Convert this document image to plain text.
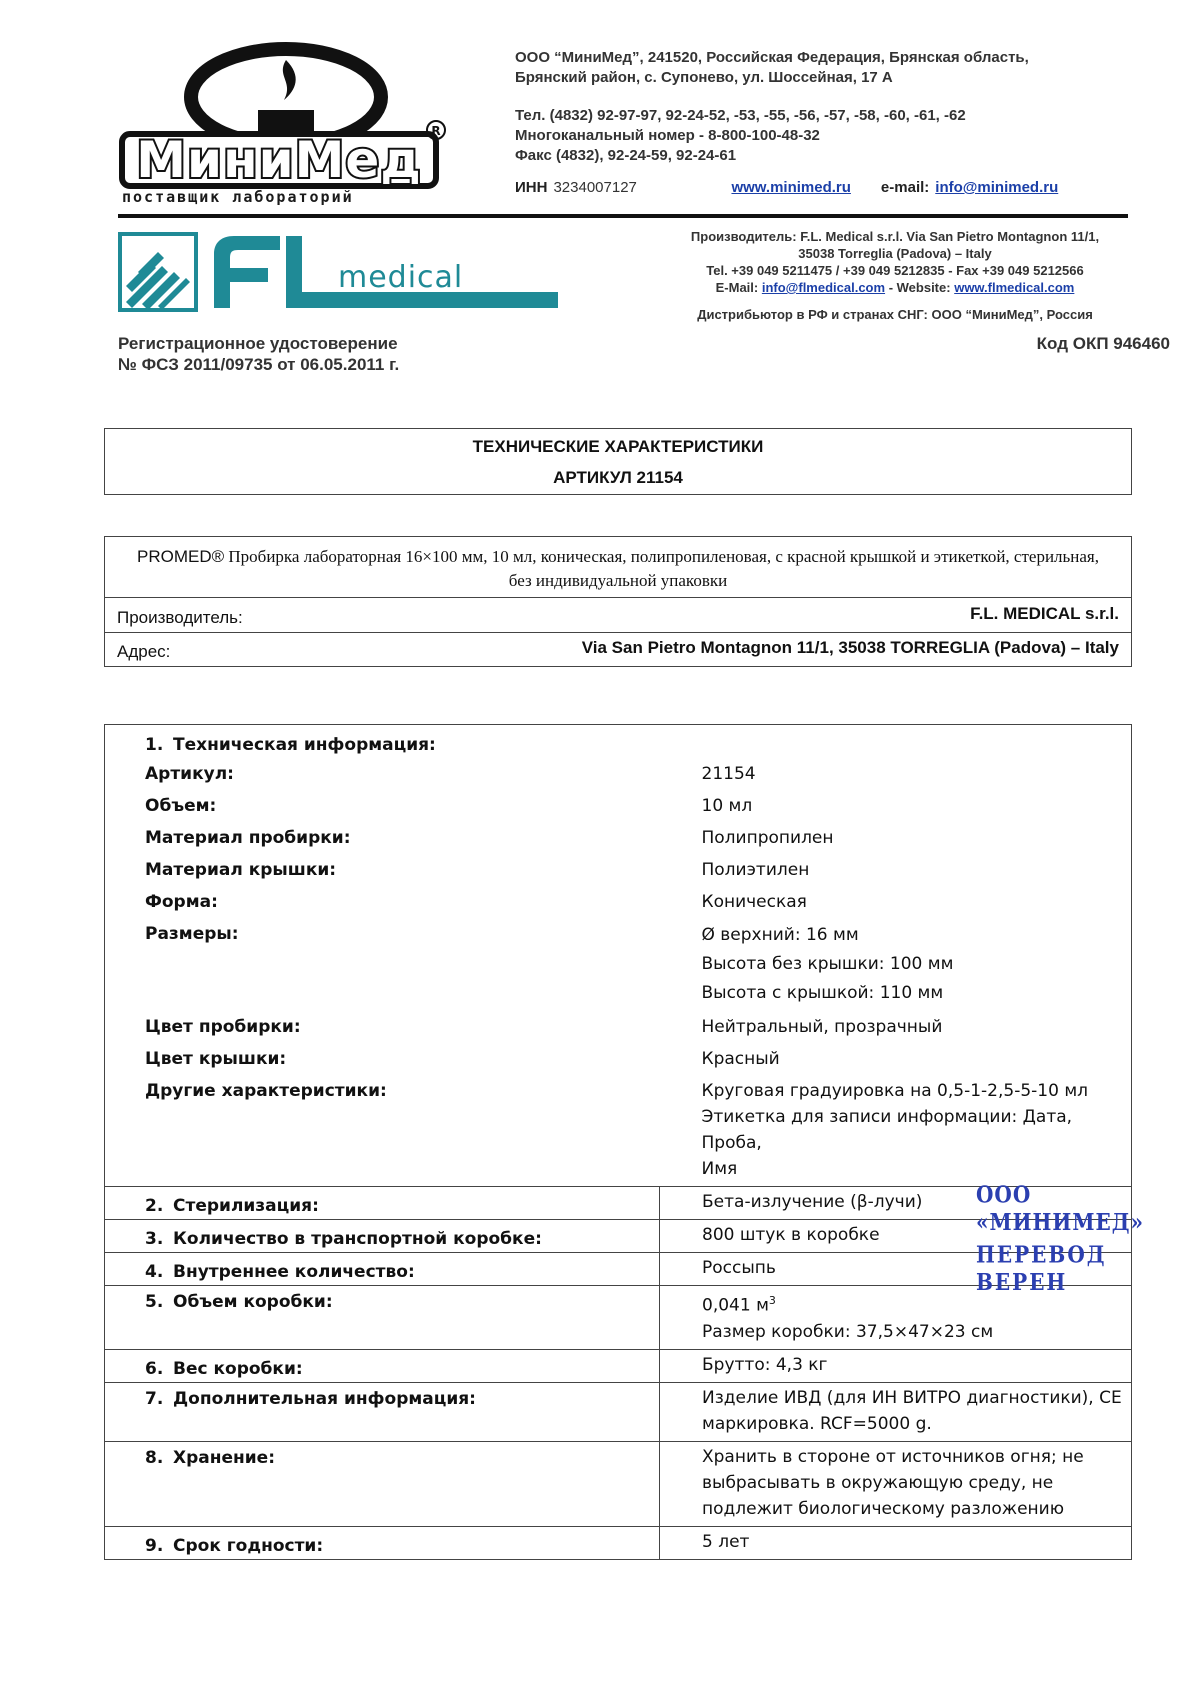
МиниМед R
поставщик лабораторий
ООО “МиниМед”, 241520, Российская Федерация, Брянская область,
Брянский район, с. Супонево, ул. Шоссейная, 17 А
Тел. (4832) 92-97-97, 92-24-52, -53, -55, -56, -57, -58, -60, -61, -62
Многоканальный номер - 8-800-100-48-32
Факс (4832), 92-24-59, 92-24-61
ИНН 3234007127	www.minimed.ru e-mail: info@minimed.ru
medical
Производитель: F.L. Medical s.r.l. Via San Pietro Montagnon 11/1,
35038 Torreglia (Padova) – Italy
Tel. +39 049 5211475 / +39 049 5212835 - Fax +39 049 5212566
E-Mail: info@flmedical.com - Website: www.flmedical.com
Дистрибьютор в РФ и странах СНГ: ООО “МиниМед”, Россия
Регистрационное удостоверение
№ ФСЗ 2011/09735 от 06.05.2011 г.
Код ОКП 946460
ТЕХНИЧЕСКИЕ ХАРАКТЕРИСТИКИ
АРТИКУЛ 21154
PROMED® Пробирка лабораторная 16×100 мм, 10 мл, коническая, полипропиленовая, с красной крышкой и этикеткой, стерильная, без индивидуальной упаковки
Производитель:	F.L. MEDICAL s.r.l.
Адрес:	Via San Pietro Montagnon 11/1, 35038 TORREGLIA (Padova) – Italy
1. Техническая информация:	
Артикул:	21154

Объем:	10 мл

Материал пробирки:	Полипропилен

Материал крышки:	Полиэтилен

Форма:	Коническая

Размеры:	Ø верхний: 16 мм
Высота без крышки: 100 мм
Высота с крышкой: 110 мм

Цвет пробирки:	Нейтральный, прозрачный

Цвет крышки:	Красный

Другие характеристики:	Круговая градуировка на 0,5-1-2,5-5-10 мл
Этикетка для записи информации: Дата, Проба,
Имя

2. Стерилизация:	Бета-излучение (β-лучи)

3. Количество в транспортной коробке:	800 штук в коробке

4. Внутреннее количество:	Россыпь

5. Объем коробки:	0,041 $м^3$
Размер коробки: 37,5×47×23 см

6. Вес коробки:	Брутто: 4,3 кг

7. Дополнительная информация:	Изделие ИВД (для ИН ВИТРО диагностики), СЕ
маркировка. RCF=5000 g.

8. Хранение:	Хранить в стороне от источников огня; не
выбрасывать в окружающую среду, не
подлежит биологическому разложению

9. Срок годности:	5 лет
ООО «МИНИМЕД»
ПЕРЕВОД ВЕРЕН
